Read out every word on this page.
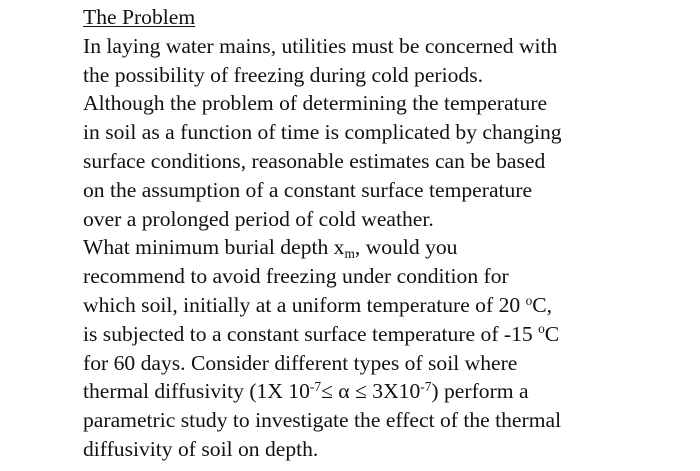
The Problem
In laying water mains, utilities must be concerned with
the possibility of freezing during cold periods.
Although the problem of determining the temperature
in soil as a function of time is complicated by changing
surface conditions, reasonable estimates can be based
on the assumption of a constant surface temperature
over a prolonged period of cold weather.
What minimum burial depth $x_m$, would you
recommend to avoid freezing under condition for
which soil, initially at a uniform temperature of 20 $^o$C,
is subjected to a constant surface temperature of -15 $^o$C
for 60 days. Consider different types of soil where
thermal diffusivity (1X $10^{-7}\le \alpha \le 3X10^{-7}$) perform a
parametric study to investigate the effect of the thermal
diffusivity of soil on depth.
